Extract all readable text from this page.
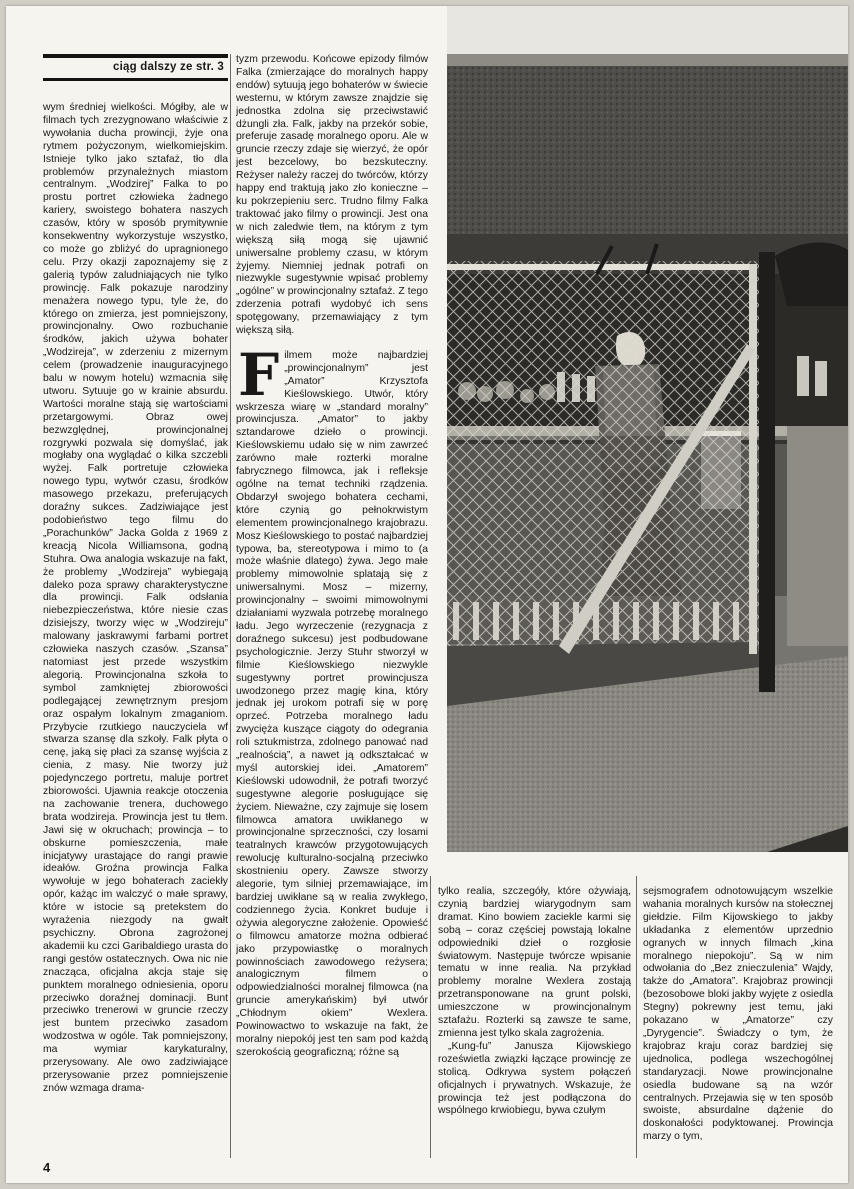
ciąg dalszy ze str. 3

wym średniej wielkości. Mógłby, ale w filmach tych zrezygnowano właściwie z wywołania ducha prowincji, żyje ona rytmem pożyczonym, wielkomiejskim. Istnieje tylko jako sztafaż, tło dla problemów przynależnych miastom centralnym. „Wodzirej” Falka to po prostu portret człowieka żadnego kariery, swoistego bohatera naszych czasów, który w sposób prymitywnie konsekwentny wykorzystuje wszystko, co może go zbliżyć do upragnionego celu. Przy okazji zapoznajemy się z galerią typów zaludniających nie tylko prowincję. Falk pokazuje narodziny menażera nowego typu, tyle że, do którego on zmierza, jest pomniejszony, prowincjonalny. Owo rozbuchanie środków, jakich używa bohater „Wodzireja”, w zderzeniu z mizernym celem (prowadzenie inauguracyjnego balu w nowym hotelu) wzmacnia siłę utworu. Sytuuje go w krainie absurdu. Wartości moralne stają się wartościami przetargowymi. Obraz owej bezwzględnej, prowincjonalnej rozgrywki pozwala się domyślać, jak mogłaby ona wyglądać o kilka szczebli wyżej. Falk portretuje człowieka nowego typu, wytwór czasu, środków masowego przekazu, preferujących doraźny sukces. Zadziwiające jest podobieństwo tego filmu do „Porachunków” Jacka Golda z 1969 z kreacją Nicola Williamsona, godną Stuhra. Owa analogia wskazuje na fakt, że problemy „Wodzireja” wybiegają daleko poza sprawy charakterystyczne dla prowincji. Falk odsłania niebezpieczeństwa, które niesie czas dzisiejszy, tworzy więc w „Wodzireju” malowany jaskrawymi farbami portret człowieka naszych czasów. „Szansa” natomiast jest przede wszystkim alegorią. Prowincjonalna szkoła to symbol zamkniętej zbiorowości podlegającej zewnętrznym presjom oraz ospałym lokalnym zmaganiom. Przybycie rzutkiego nauczyciela wf stwarza szansę dla szkoły. Falk płyta o cenę, jaką się płaci za szansę wyjścia z cienia, z masy. Nie tworzy już pojedynczego portretu, maluje portret zbiorowości. Ujawnia reakcje otoczenia na zachowanie trenera, duchowego brata wodzireja. Prowincja jest tu tłem. Jawi się w okruchach; prowincja – to obskurne pomieszczenia, małe inicjatywy urastające do rangi prawie ideałów. Groźna prowincja Falka wywołuje w jego bohaterach zaciekły opór, każąc im walczyć o małe sprawy, które w istocie są pretekstem do wyrażenia niezgody na gwałt psychiczny. Obrona zagrożonej akademii ku czci Garibaldiego urasta do rangi gestów ostatecznych. Owa nic nie znacząca, oficjalna akcja staje się punktem moralnego odniesienia, oporu przeciwko doraźnej dominacji. Bunt przeciwko trenerowi w gruncie rzeczy jest buntem przeciwko zasadom wodzostwa w ogóle. Tak pomniejszony, ma wymiar karykaturalny, przerysowany. Ale owo zadziwiające przerysowanie przez pomniejszenie znów wzmaga drama-

tyzm przewodu. Końcowe epizody filmów Falka (zmierzające do moralnych happy endów) sytuują jego bohaterów w świecie westernu, w którym zawsze znajdzie się jednostka zdolna się przeciwstawić dżungli zła. Falk, jakby na przekór sobie, preferuje zasadę moralnego oporu. Ale w gruncie rzeczy zdaje się wierzyć, że opór jest bezcelowy, bo bezskuteczny. Reżyser należy raczej do twórców, którzy happy end traktują jako zło konieczne – ku pokrzepieniu serc. Trudno filmy Falka traktować jako filmy o prowincji. Jest ona w nich zaledwie tłem, na którym z tym większą siłą mogą się ujawnić uniwersalne problemy czasu, w którym żyjemy. Niemniej jednak potrafi on niezwykle sugestywnie wpisać problemy „ogólne” w prowincjonalny sztafaż. Z tego zderzenia potrafi wydobyć ich sens spotęgowany, przemawiający z tym większą siłą.

Filmem może najbardziej „prowincjonalnym” jest „Amator” Krzysztofa Kieślowskiego. Utwór, który wskrzesza wiarę w „standard moralny” prowincjusza. „Amator” to jakby sztandarowe dzieło o prowincji. Kieślowskiemu udało się w nim zawrzeć zarówno małe rozterki moralne fabrycznego filmowca, jak i refleksje ogólne na temat techniki rządzenia. Obdarzył swojego bohatera cechami, które czynią go pełnokrwistym elementem prowincjonalnego krajobrazu. Mosz Kieślowskiego to postać najbardziej typowa, ba, stereotypowa i mimo to (a może właśnie dlatego) żywa. Jego małe problemy mimowolnie splatają się z uniwersalnymi. Mosz – mizerny, prowincjonalny – swoimi mimowolnymi działaniami wyzwala potrzebę moralnego ładu. Jego wyrzeczenie (rezygnacja z doraźnego sukcesu) jest podbudowane psychologicznie. Jerzy Stuhr stworzył w filmie Kieślowskiego niezwykle sugestywny portret prowincjusza uwodzonego przez magię kina, który jednak jej urokom potrafi się w porę oprzeć. Potrzeba moralnego ładu zwycięża kuszące ciągoty do odegrania roli sztukmistrza, zdolnego panować nad „realnością”, a nawet ją odkształcać w myśl autorskiej idei. „Amatorem” Kieślowski udowodnił, że potrafi tworzyć sugestywne alegorie posługujące się życiem. Nieważne, czy zajmuje się losem filmowca amatora uwikłanego w prowincjonalne sprzeczności, czy losami teatralnych krawców przygotowujących rewolucję kulturalno-socjalną przeciwko skostnieniu opery. Zawsze stworzy alegorie, tym silniej przemawiające, im bardziej uwikłane są w realia zwykłego, codziennego życia. Konkret buduje i ożywia alegoryczne założenie. Opowieść o filmowcu amatorze można odbierać jako przypowiastkę o moralnych powinnościach zawodowego reżysera; analogicznym filmem o odpowiedzialności moralnej filmowca (na gruncie amerykańskim) był utwór „Chłodnym okiem” Wexlera. Powinowactwo to wskazuje na fakt, że moralny niepokój jest ten sam pod każdą szerokością geograficzną; różne są

tylko realia, szczegóły, które ożywiają, czynią bardziej wiarygodnym sam dramat. Kino bowiem zaciekle karmi się sobą – coraz częściej powstają lokalne odpowiedniki dzieł o rozgłosie światowym. Następuje twórcze wpisanie tematu w inne realia. Na przykład problemy moralne Wexlera zostają przetransponowane na grunt polski, umieszczone w prowincjonalnym sztafażu. Rozterki są zawsze te same, zmienna jest tylko skala zagrożenia.

„Kung-fu” Janusza Kijowskiego roześwietla związki łączące prowincję ze stolicą. Odkrywa system połączeń oficjalnych i prywatnych. Wskazuje, że prowincja też jest podłączona do wspólnego krwiobiegu, bywa czułym

sejsmografem odnotowującym wszelkie wahania moralnych kursów na stołecznej giełdzie. Film Kijowskiego to jakby układanka z elementów uprzednio ogranych w innych filmach „kina moralnego niepokoju”. Są w nim odwołania do „Bez znieczulenia” Wajdy, także do „Amatora”. Krajobraz prowincji (bezosobowe bloki jakby wyjęte z osiedla Stegny) pokrewny jest temu, jaki pokazano w „Amatorze” czy „Dyrygencie”. Świadczy o tym, że krajobraz kraju coraz bardziej się ujednolica, podlega wszechogólnej standaryzacji. Nowe prowincjonalne osiedla budowane są na wzór centralnych. Przejawia się w ten sposób swoiste, absurdalne dążenie do doskonałości podyktowanej. Prowincja marzy o tym,

4
